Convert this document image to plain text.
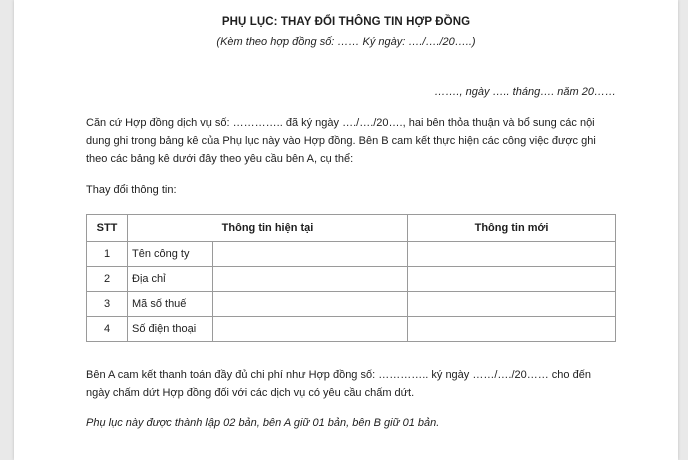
PHỤ LỤC: THAY ĐỔI THÔNG TIN HỢP ĐỒNG
(Kèm theo hợp đồng số: …… Ký ngày: …./…./20…..)
……., ngày ….. tháng…. năm 20……
Căn cứ Hợp đồng dịch vụ số: ………….. đã ký ngày …./…./20…., hai bên thỏa thuận và bổ sung các nội dung ghi trong bảng kê của Phụ lục này vào Hợp đồng. Bên B cam kết thực hiện các công việc được ghi theo các bảng kê dưới đây theo yêu cầu bên A, cụ thể:
Thay đổi thông tin:
STT	Thông tin hiện tại		Thông tin mới
1	Tên công ty		
2	Địa chỉ		
3	Mã số thuế		
4	Số điện thoại		
Bên A cam kết thanh toán đầy đủ chi phí như Hợp đồng số: ………….. ký ngày ……/…./20…… cho đến ngày chấm dứt Hợp đồng đối với các dịch vụ có yêu cầu chấm dứt.
Phụ lục này được thành lập 02 bản, bên A giữ 01 bản, bên B giữ 01 bản.
